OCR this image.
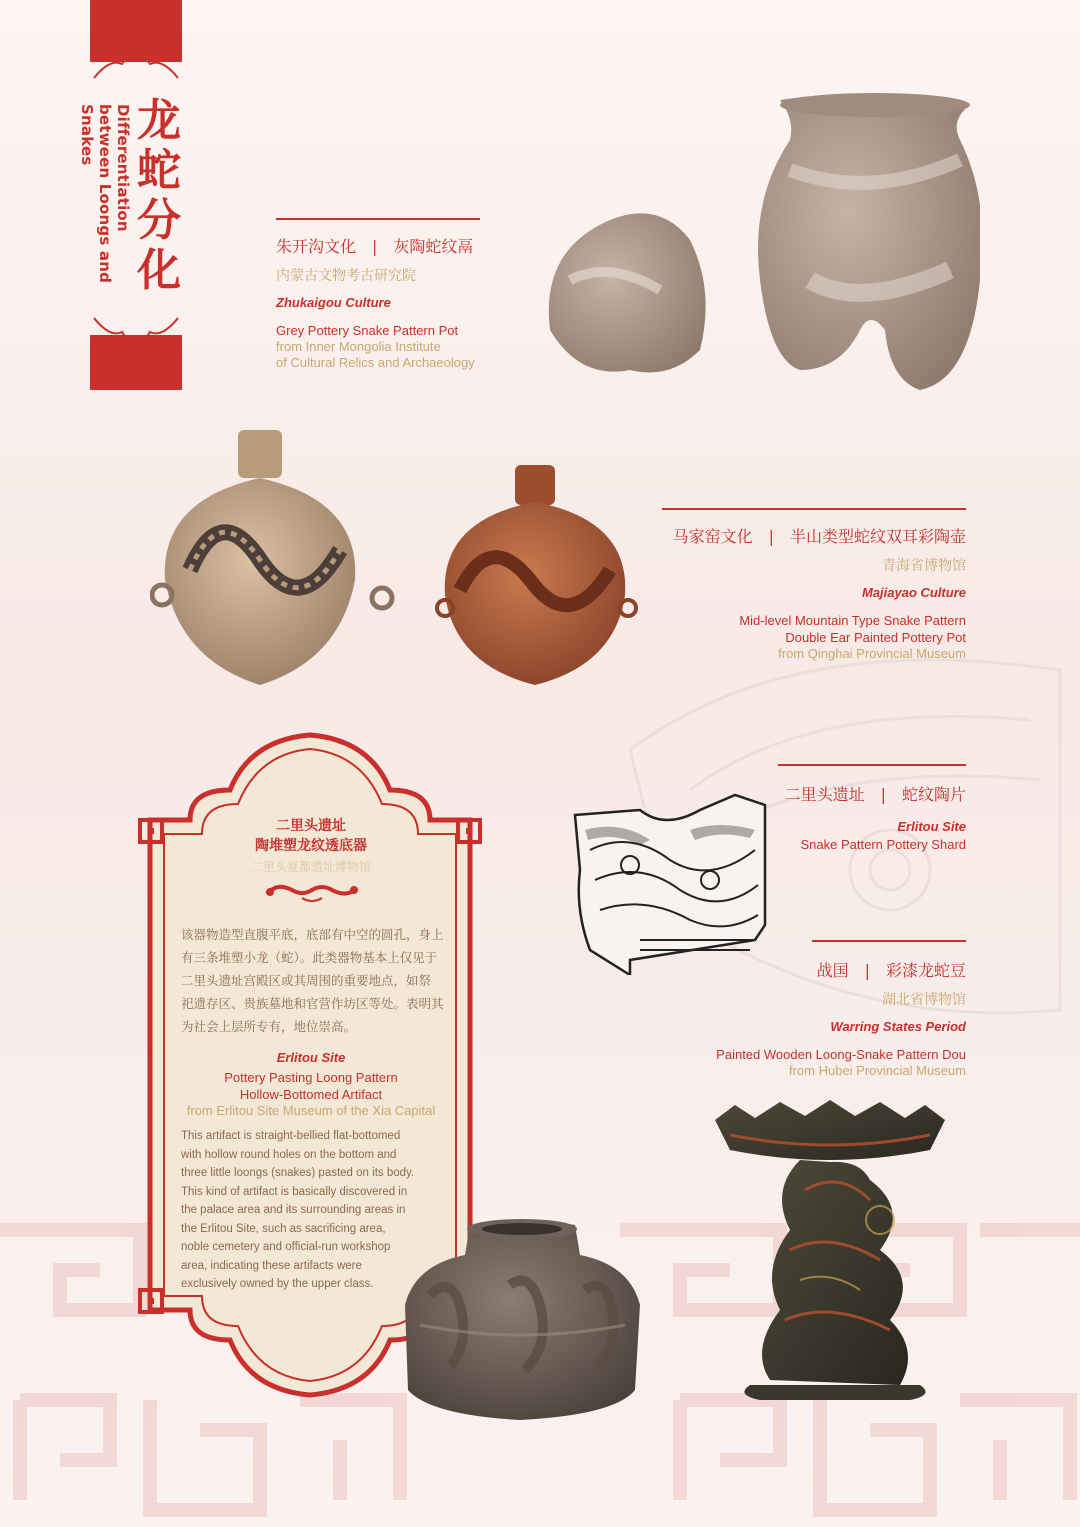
龙蛇分化
Differentiation between Loongs and Snakes
朱开沟文化　|　灰陶蛇纹鬲
内蒙古文物考古研究院
Zhukaigou Culture
Grey Pottery Snake Pattern Pot
from Inner Mongolia Institute
of Cultural Relics and Archaeology
马家窑文化　|　半山类型蛇纹双耳彩陶壶
青海省博物馆
Majiayao Culture
Mid-level Mountain Type Snake Pattern
Double Ear Painted Pottery Pot
from Qinghai Provincial Museum
二里头遗址　|　蛇纹陶片
Erlitou Site
Snake Pattern Pottery Shard
战国　|　彩漆龙蛇豆
湖北省博物馆
Warring States Period
Painted Wooden Loong-Snake Pattern Dou
from Hubei Provincial Museum
二里头遗址
陶堆塑龙纹透底器
二里头夏都遗址博物馆
该器物造型直腹平底，底部有中空的圆孔，身上
有三条堆塑小龙（蛇）。此类器物基本上仅见于
二里头遗址宫殿区或其周围的重要地点，如祭
祀遗存区、贵族墓地和官营作坊区等处。表明其
为社会上层所专有，地位崇高。
Erlitou Site
Pottery Pasting Loong Pattern
Hollow-Bottomed Artifact
from Erlitou Site Museum of the Xia Capital
This artifact is straight-bellied flat-bottomed
with hollow round holes on the bottom and
three little loongs (snakes) pasted on its body.
This kind of artifact is basically discovered in
the palace area and its surrounding areas in
the Erlitou Site, such as sacrificing area,
noble cemetery and official-run workshop
area, indicating these artifacts were
exclusively owned by the upper class.
